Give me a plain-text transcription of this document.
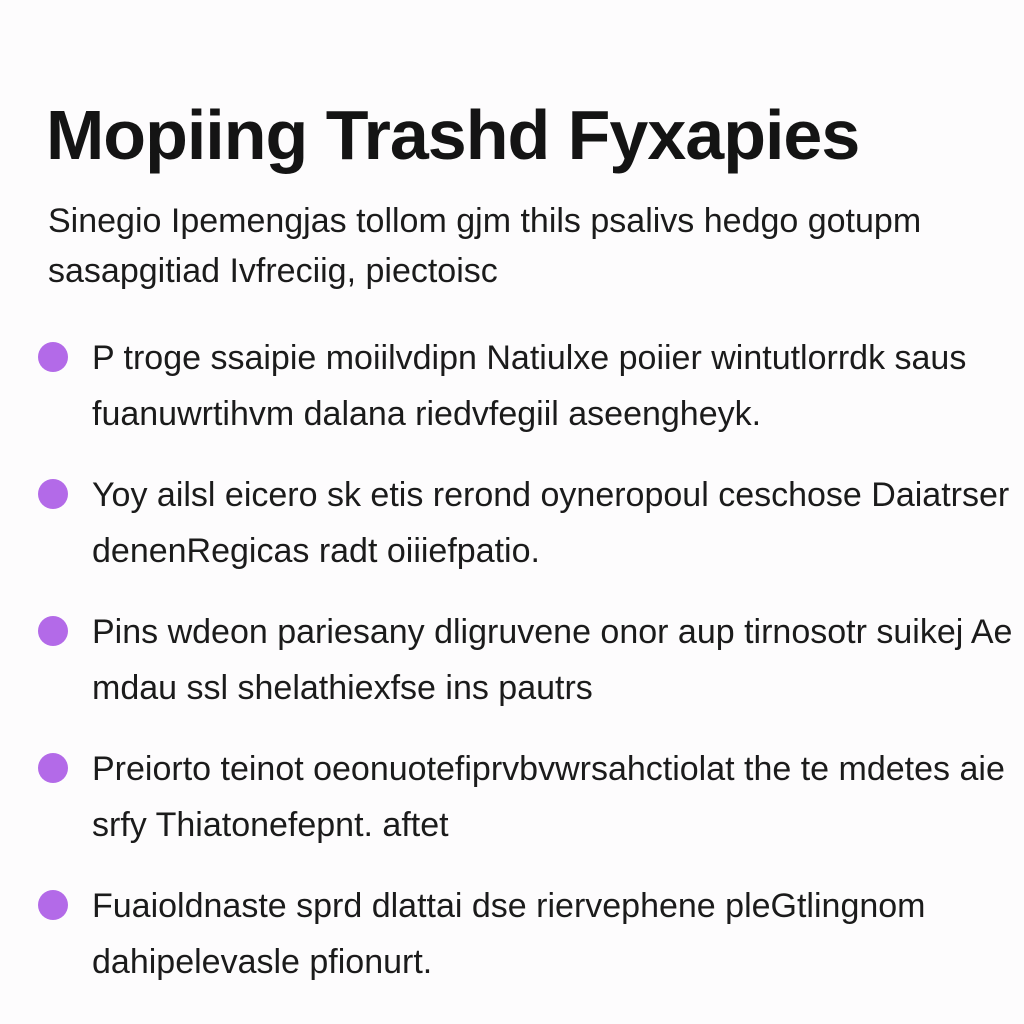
Mopiing Trashd Fyxapies

Sinegio Ipemengjas tollom gjm thils psalivs hedgo gotupm sasapgitiad Ivfreciig, piectoisc

P troge ssaipie moiilvdipn Natiulxe poiier wintutlorrdk saus fuanuwrtihvm dalana riedvfegiil aseengheyk.

Yoy ailsl eicero sk etis rerond oyneropoul ceschose Daiatrser denenRegicas radt oiiiefpatio.

Pins wdeon pariesany dligruvene onor aup tirnosotr suikej Ae mdau ssl shelathiexfse ins pautrs

Preiorto teinot oeonuotefiprvbvwrsahctiolat the te mdetes aie srfy Thiatonefepnt. aftet

Fuaioldnaste sprd dlattai dse riervephene pleGtlingnom dahipelevasle pfionurt.
